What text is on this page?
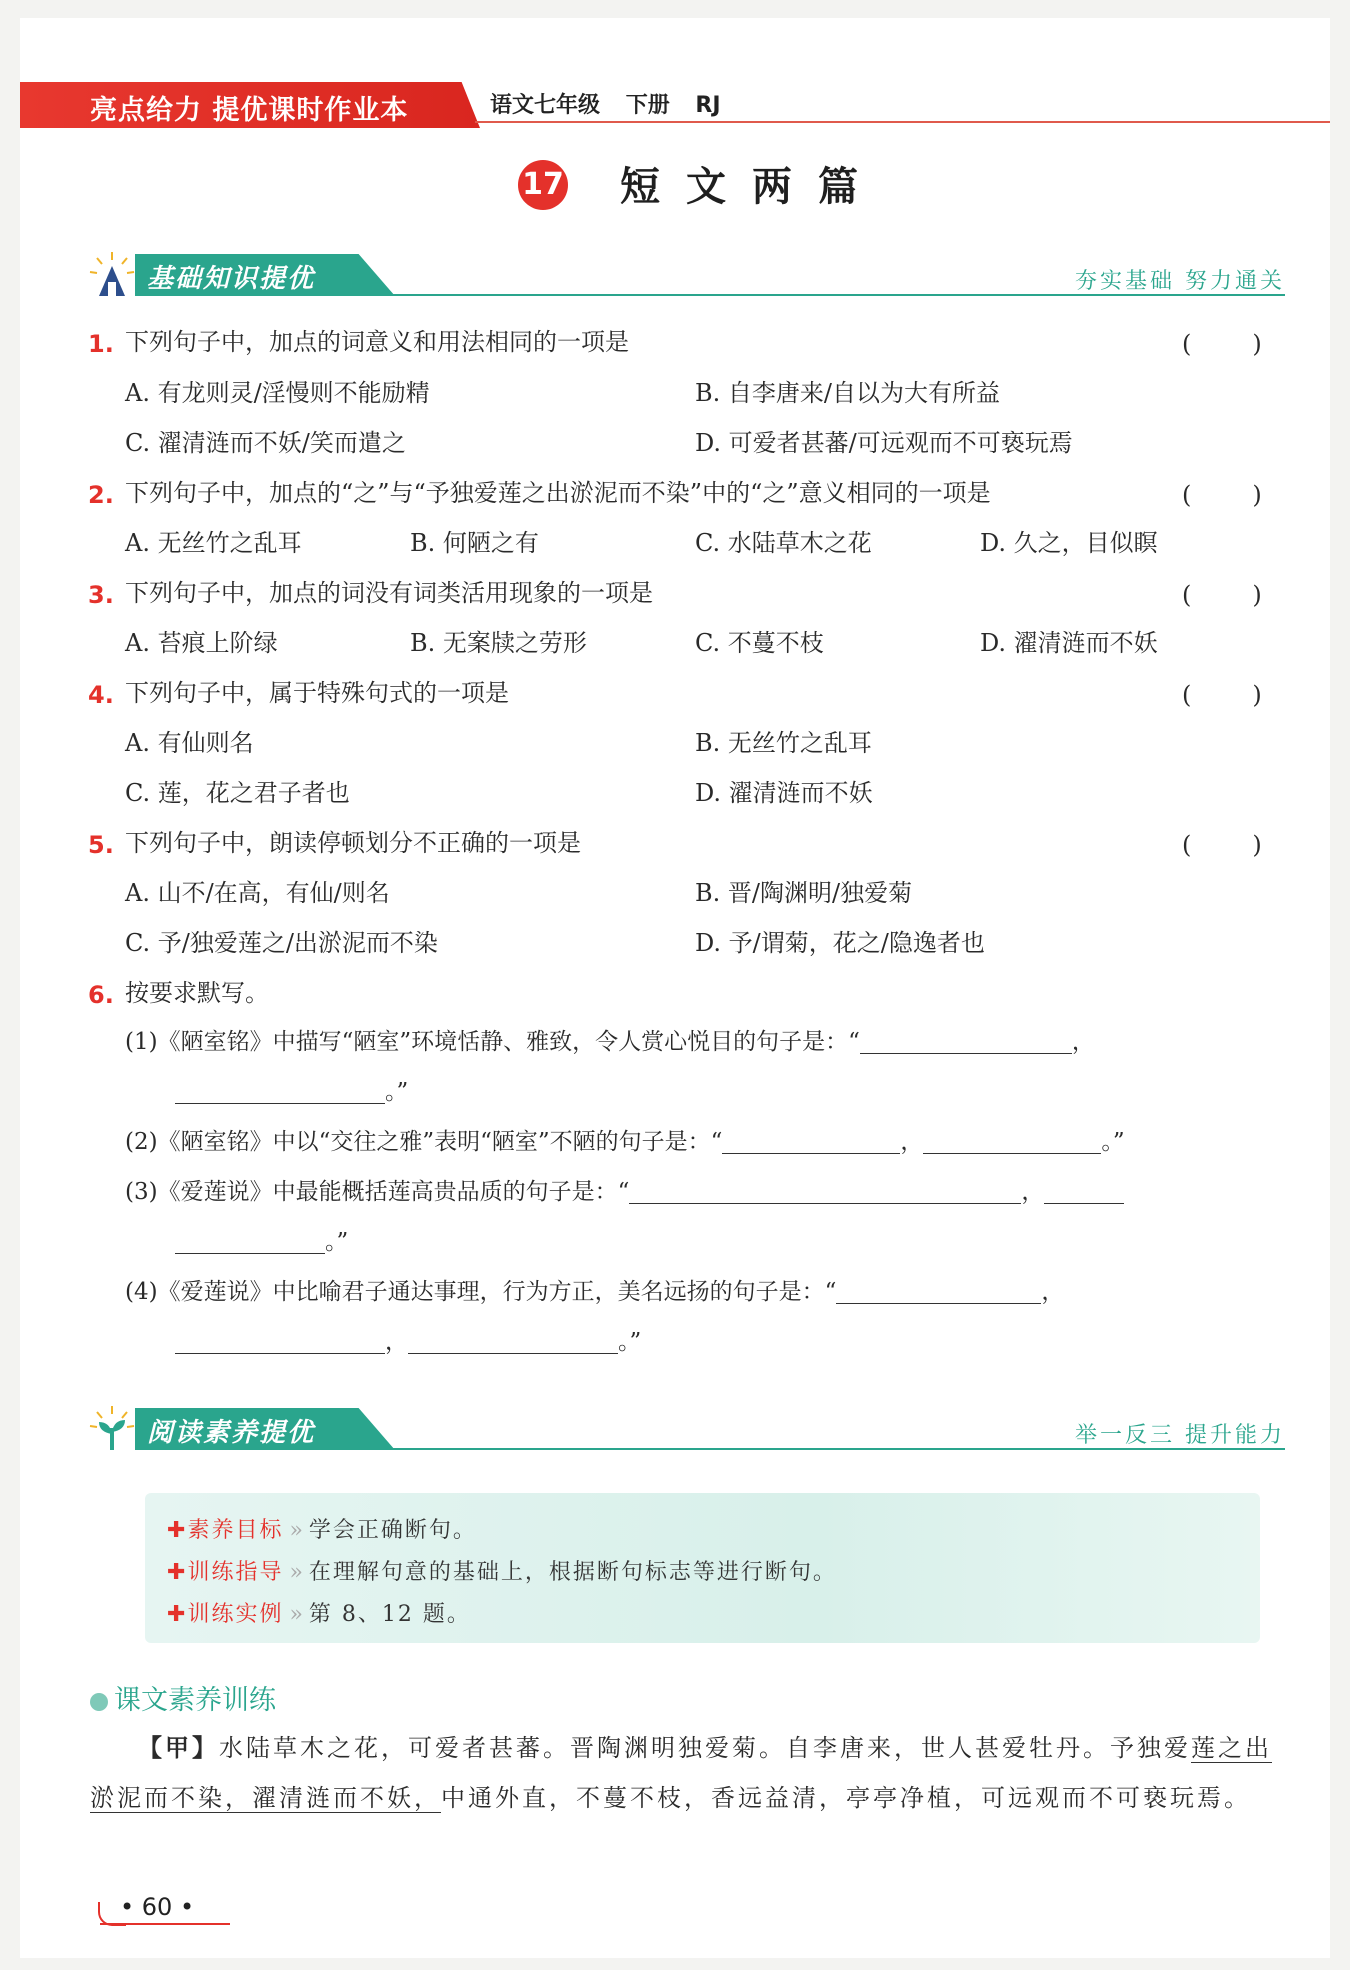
亮点给力 提优课时作业本	语文七年级 下册 RJ
17 短文两篇
基础知识提优	夯实基础 努力通关
1. 下列句子中，加点的词意义和用法相同的一项是	(        )
A. 有龙则灵/淫慢则不能励精	B. 自李唐来/自以为大有所益
C. 濯清涟而不妖/笑而遣之	D. 可爱者甚蕃/可远观而不可亵玩焉
2. 下列句子中，加点的“之”与“予独爱莲之出淤泥而不染”中的“之”意义相同的一项是	(        )
A. 无丝竹之乱耳	B. 何陋之有	C. 水陆草木之花	D. 久之，目似瞑
3. 下列句子中，加点的词没有词类活用现象的一项是	(        )
A. 苔痕上阶绿	B. 无案牍之劳形	C. 不蔓不枝	D. 濯清涟而不妖
4. 下列句子中，属于特殊句式的一项是	(        )
A. 有仙则名	B. 无丝竹之乱耳
C. 莲，花之君子者也	D. 濯清涟而不妖
5. 下列句子中，朗读停顿划分不正确的一项是	(        )
A. 山不/在高，有仙/则名	B. 晋/陶渊明/独爱菊
C. 予/独爱莲之/出淤泥而不染	D. 予/谓菊，花之/隐逸者也
6. 按要求默写。
(1)《陋室铭》中描写“陋室”环境恬静、雅致，令人赏心悦目的句子是：“	，
。”
(2)《陋室铭》中以“交往之雅”表明“陋室”不陋的句子是：“	，	。”
(3)《爱莲说》中最能概括莲高贵品质的句子是：“	，
。”
(4)《爱莲说》中比喻君子通达事理，行为方正，美名远扬的句子是：“	，
，	。”
阅读素养提优	举一反三 提升能力
✚素养目标 » 学会正确断句。
✚训练指导 » 在理解句意的基础上，根据断句标志等进行断句。
✚训练实例 » 第 8、12 题。
课文素养训练
【甲】水陆草木之花，可爱者甚蕃。晋陶渊明独爱菊。自李唐来，世人甚爱牡丹。予独爱莲之出淤泥而不染，濯清涟而不妖，中通外直，不蔓不枝，香远益清，亭亭净植，可远观而不可亵玩焉。
• 60 •
